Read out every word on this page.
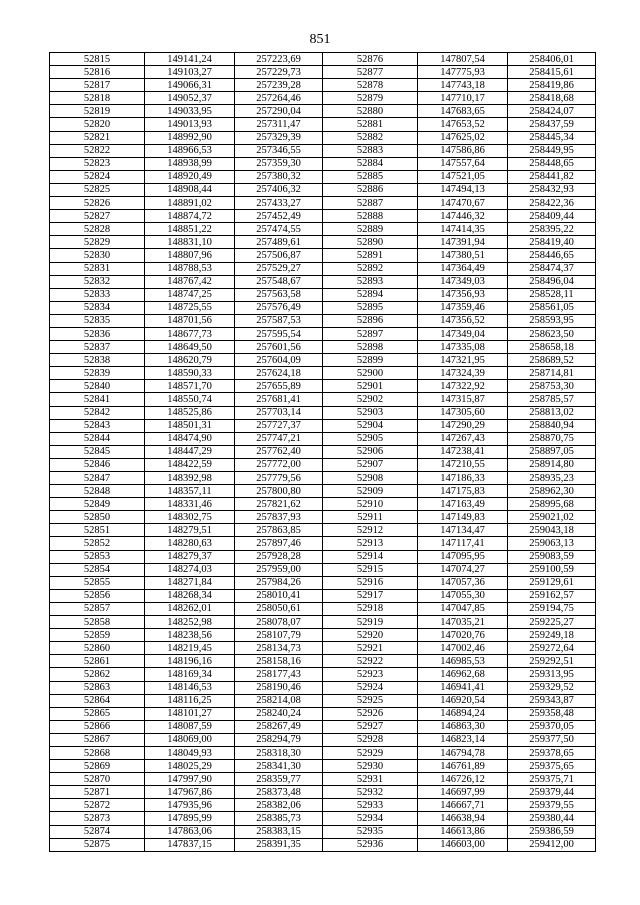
851
52815	149141,24	257223,69	52876	147807,54	258406,01
52816	149103,27	257229,73	52877	147775,93	258415,61
52817	149066,31	257239,28	52878	147743,18	258419,86
52818	149052,37	257264,46	52879	147710,17	258418,68
52819	149033,95	257290,04	52880	147683,65	258424,07
52820	149013,93	257311,47	52881	147653,52	258437,59
52821	148992,90	257329,39	52882	147625,02	258445,34
52822	148966,53	257346,55	52883	147586,86	258449,95
52823	148938,99	257359,30	52884	147557,64	258448,65
52824	148920,49	257380,32	52885	147521,05	258441,82
52825	148908,44	257406,32	52886	147494,13	258432,93
52826	148891,02	257433,27	52887	147470,67	258422,36
52827	148874,72	257452,49	52888	147446,32	258409,44
52828	148851,22	257474,55	52889	147414,35	258395,22
52829	148831,10	257489,61	52890	147391,94	258419,40
52830	148807,96	257506,87	52891	147380,51	258446,65
52831	148788,53	257529,27	52892	147364,49	258474,37
52832	148767,42	257548,67	52893	147349,03	258496,04
52833	148747,25	257563,58	52894	147356,93	258528,11
52834	148725,55	257576,49	52895	147359,46	258561,05
52835	148701,56	257587,53	52896	147356,52	258593,95
52836	148677,73	257595,54	52897	147349,04	258623,50
52837	148649,50	257601,56	52898	147335,08	258658,18
52838	148620,79	257604,09	52899	147321,95	258689,52
52839	148590,33	257624,18	52900	147324,39	258714,81
52840	148571,70	257655,89	52901	147322,92	258753,30
52841	148550,74	257681,41	52902	147315,87	258785,57
52842	148525,86	257703,14	52903	147305,60	258813,02
52843	148501,31	257727,37	52904	147290,29	258840,94
52844	148474,90	257747,21	52905	147267,43	258870,75
52845	148447,29	257762,40	52906	147238,41	258897,05
52846	148422,59	257772,00	52907	147210,55	258914,80
52847	148392,98	257779,56	52908	147186,33	258935,23
52848	148357,11	257800,80	52909	147175,83	258962,30
52849	148331,46	257821,62	52910	147163,49	258995,68
52850	148302,75	257837,93	52911	147149,83	259021,02
52851	148279,51	257863,85	52912	147134,47	259043,18
52852	148280,63	257897,46	52913	147117,41	259063,13
52853	148279,37	257928,28	52914	147095,95	259083,59
52854	148274,03	257959,00	52915	147074,27	259100,59
52855	148271,84	257984,26	52916	147057,36	259129,61
52856	148268,34	258010,41	52917	147055,30	259162,57
52857	148262,01	258050,61	52918	147047,85	259194,75
52858	148252,98	258078,07	52919	147035,21	259225,27
52859	148238,56	258107,79	52920	147020,76	259249,18
52860	148219,45	258134,73	52921	147002,46	259272,64
52861	148196,16	258158,16	52922	146985,53	259292,51
52862	148169,34	258177,43	52923	146962,68	259313,95
52863	148146,53	258190,46	52924	146941,41	259329,52
52864	148116,25	258214,08	52925	146920,54	259343,87
52865	148101,27	258240,24	52926	146894,24	259358,48
52866	148087,59	258267,49	52927	146863,30	259370,05
52867	148069,00	258294,79	52928	146823,14	259377,50
52868	148049,93	258318,30	52929	146794,78	259378,65
52869	148025,29	258341,30	52930	146761,89	259375,65
52870	147997,90	258359,77	52931	146726,12	259375,71
52871	147967,86	258373,48	52932	146697,99	259379,44
52872	147935,96	258382,06	52933	146667,71	259379,55
52873	147895,99	258385,73	52934	146638,94	259380,44
52874	147863,06	258383,15	52935	146613,86	259386,59
52875	147837,15	258391,35	52936	146603,00	259412,00
